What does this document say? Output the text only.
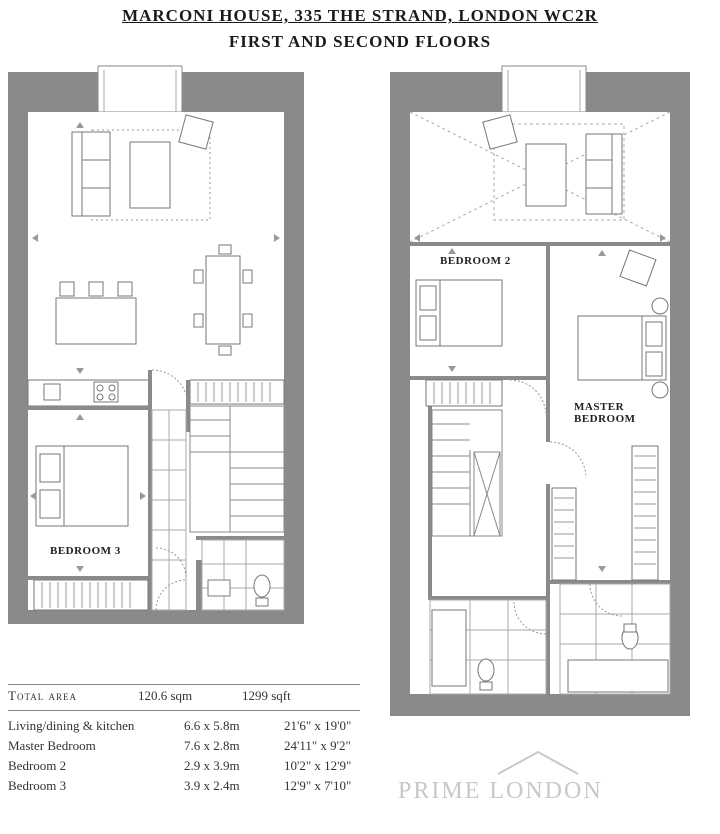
MARCONI HOUSE, 335 THE STRAND, LONDON WC2R
FIRST AND SECOND FLOORS
BEDROOM 3
BEDROOM 2
MASTER
BEDROOM
Total area	120.6 sqm	1299 sqft
Living/dining & kitchen	6.6 x 5.8m	21'6" x 19'0"
Master Bedroom	7.6 x 2.8m	24'11" x 9'2"
Bedroom 2	2.9 x 3.9m	10'2" x 12'9"
Bedroom 3	3.9 x 2.4m	12'9" x 7'10" PRIME LONDON
